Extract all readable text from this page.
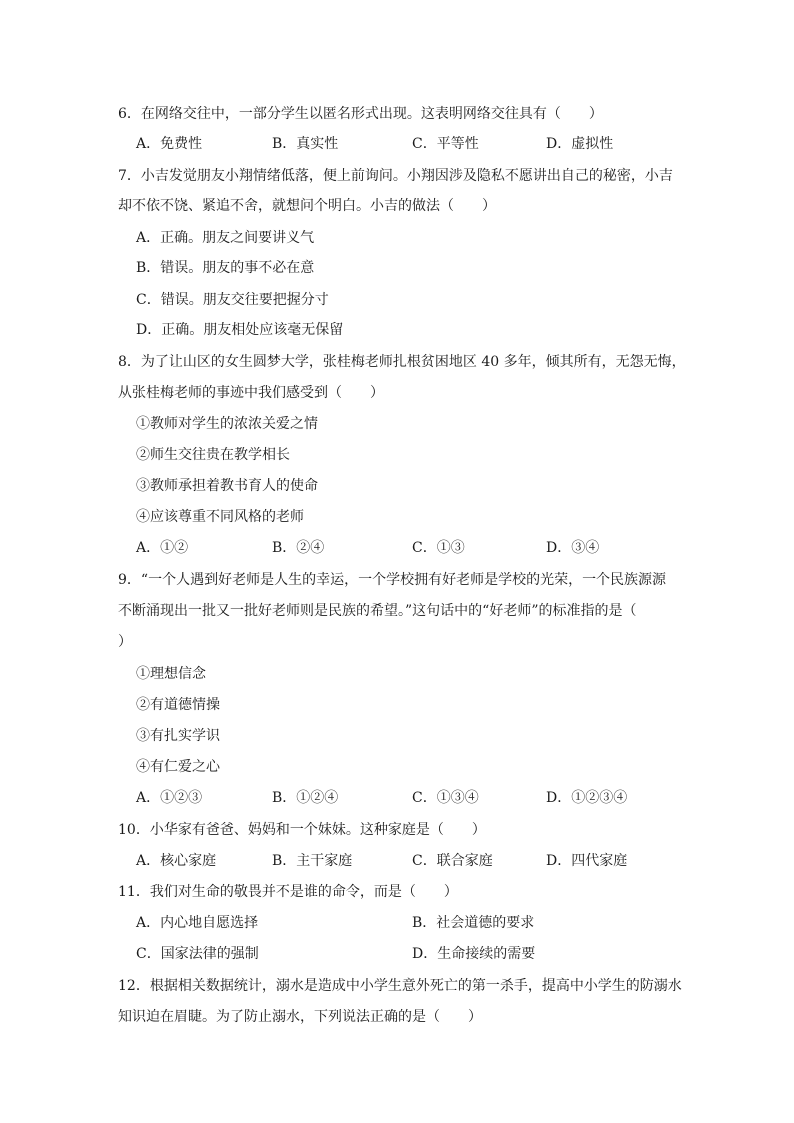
6．在网络交往中，一部分学生以匿名形式出现。这表明网络交往具有（　　）
A．免费性	B．真实性	C．平等性	D．虚拟性
7．小吉发觉朋友小翔情绪低落，便上前询问。小翔因涉及隐私不愿讲出自己的秘密，小吉
却不依不饶、紧追不舍，就想问个明白。小吉的做法（　　）
A．正确。朋友之间要讲义气
B．错误。朋友的事不必在意
C．错误。朋友交往要把握分寸
D．正确。朋友相处应该毫无保留
8．为了让山区的女生圆梦大学，张桂梅老师扎根贫困地区 40 多年，倾其所有，无怨无悔，
从张桂梅老师的事迹中我们感受到（　　）
①教师对学生的浓浓关爱之情
②师生交往贵在教学相长
③教师承担着教书育人的使命
④应该尊重不同风格的老师
A．①②	B．②④	C．①③	D．③④
9．“一个人遇到好老师是人生的幸运，一个学校拥有好老师是学校的光荣，一个民族源源
不断涌现出一批又一批好老师则是民族的希望。”这句话中的“好老师”的标准指的是（
）
①理想信念
②有道德情操
③有扎实学识
④有仁爱之心
A．①②③	B．①②④	C．①③④	D．①②③④
10．小华家有爸爸、妈妈和一个妹妹。这种家庭是（　　）
A．核心家庭	B．主干家庭	C．联合家庭	D．四代家庭
11．我们对生命的敬畏并不是谁的命令，而是（　　）
A．内心地自愿选择	B．社会道德的要求
C．国家法律的强制	D．生命接续的需要
12．根据相关数据统计，溺水是造成中小学生意外死亡的第一杀手，提高中小学生的防溺水
知识迫在眉睫。为了防止溺水，下列说法正确的是（　　）
